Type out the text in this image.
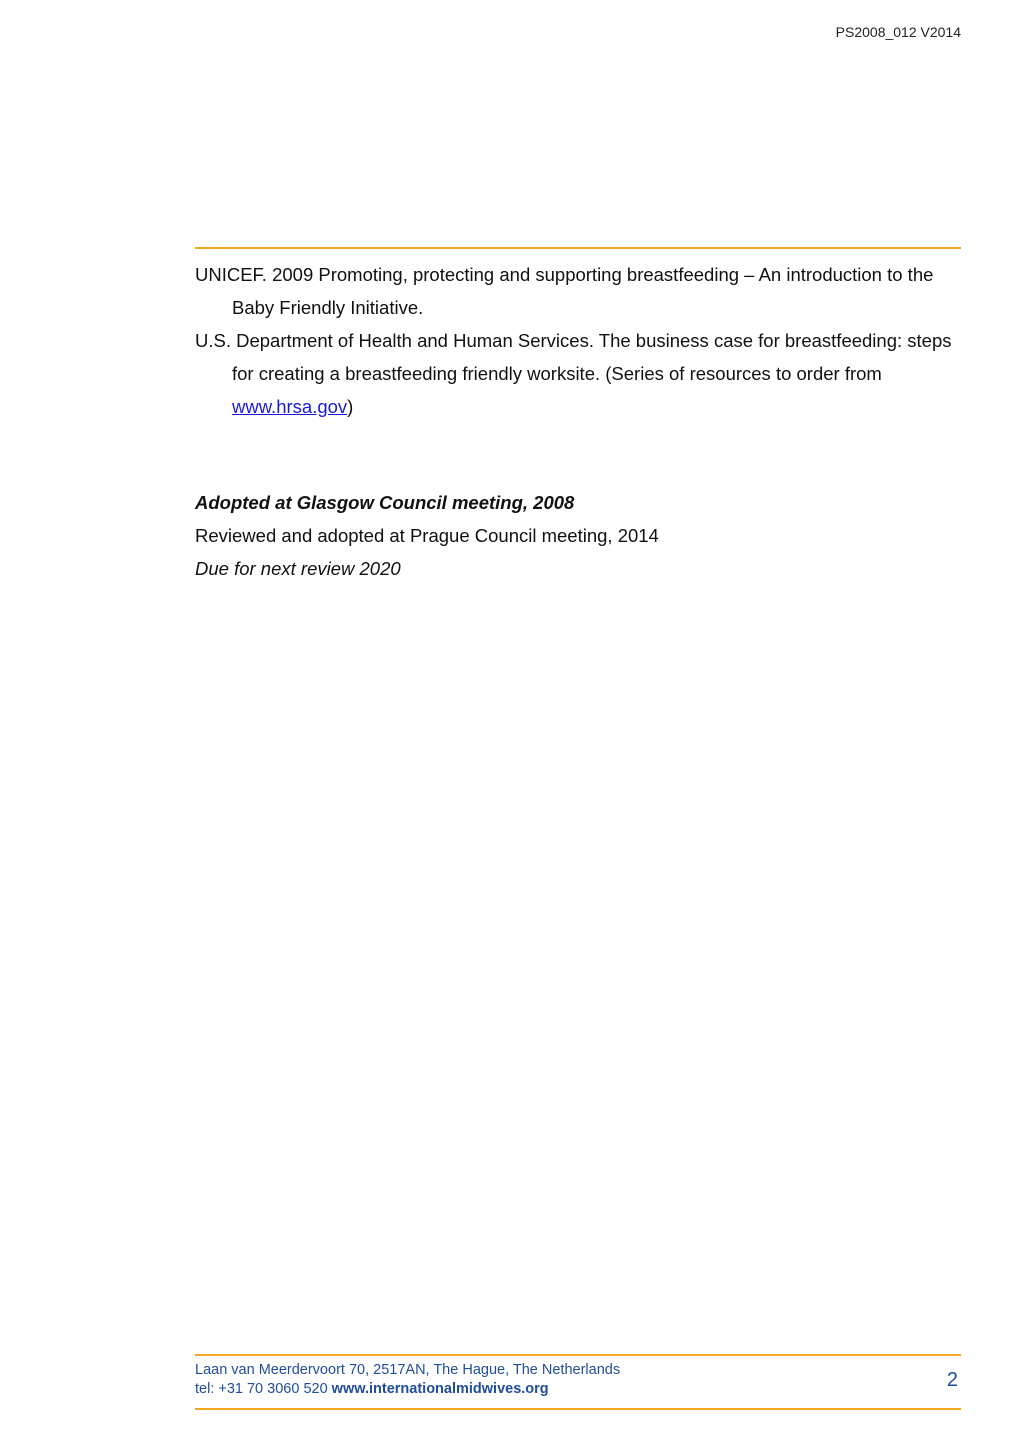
PS2008_012 V2014
UNICEF. 2009 Promoting, protecting and supporting breastfeeding – An introduction to the Baby Friendly Initiative.
U.S. Department of Health and Human Services. The business case for breastfeeding: steps for creating a breastfeeding friendly worksite. (Series of resources to order from www.hrsa.gov)
Adopted at Glasgow Council meeting, 2008
Reviewed and adopted at Prague Council meeting, 2014
Due for next review 2020
Laan van Meerdervoort 70, 2517AN, The Hague, The Netherlands
tel: +31 70 3060 520 www.internationalmidwives.org	2
